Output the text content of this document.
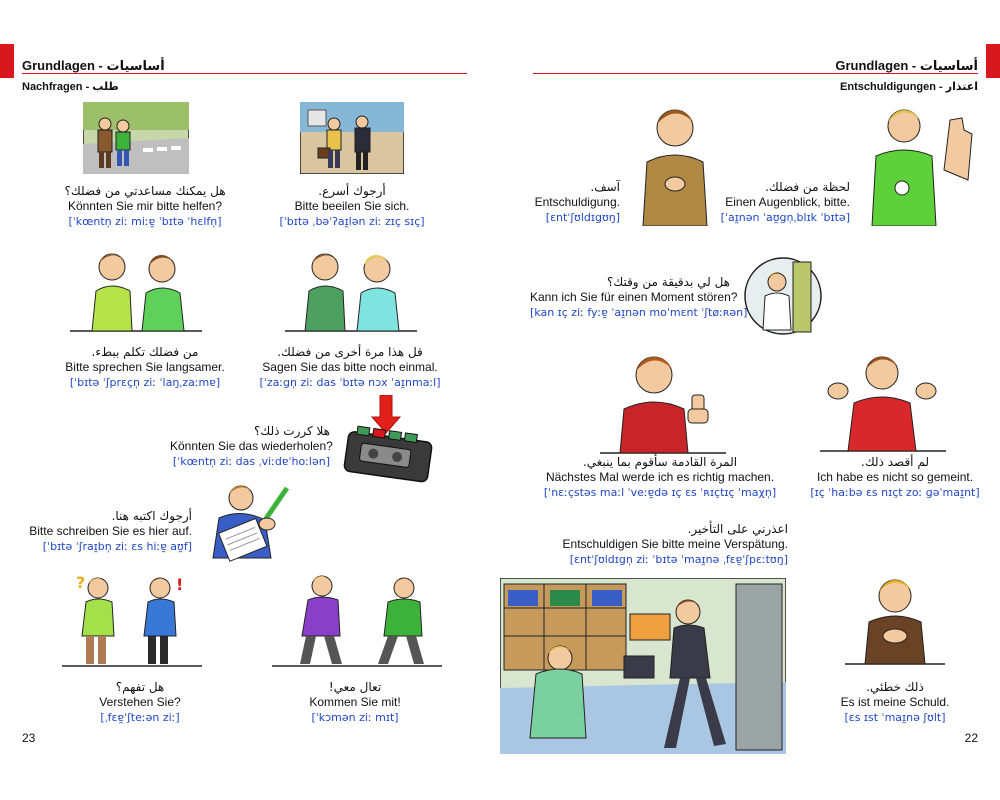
Grundlagen - أساسيات
Nachfragen - طلب
هل يمكنك مساعدتي من فضلك؟
Könnten Sie mir bitte helfen?
[ˈkœntn̩ ziː miːɐ̯ ˈbɪtə ˈhɛlfn̩]
أرجوك أسرع.
Bitte beeilen Sie sich.
[ˈbɪtə ˌbəˈʔaɪ̯lən ziː zɪç sɪç]
من فضلك تكلم ببطء.
Bitte sprechen Sie langsamer.
[ˈbɪtə ˈʃprɛçn̩ ziː ˈlaŋˌzaːmɐ]
قل هذا مرة أخرى من فضلك.
Sagen Sie das bitte noch einmal.
[ˈzaːgn̩ ziː das ˈbɪtə nɔx ˈaɪ̯nmaːl]
هلا كررت ذلك؟
Könnten Sie das wiederholen?
[ˈkœntn̩ ziː das ˌviːdɐˈhoːlən]
أرجوك اكتبه هنا.
Bitte schreiben Sie es hier auf.
[ˈbɪtə ˈʃraɪ̯bn̩ ziː ɛs hiːɐ̯ aʊ̯f]
?	!
هل تفهم؟
Verstehen Sie?
[ˌfɛɐ̯ˈʃteːən ziː]
تعال معي!
Kommen Sie mit!
[ˈkɔmən ziː mɪt]
23
Grundlagen - أساسيات
Entschuldigungen - اعتذار
آسف.
Entschuldigung.
[ɛntˈʃʊldɪgʊŋ]
لحظة من فضلك.
Einen Augenblick, bitte.
[ˈaɪ̯nən ˈaʊ̯gn̩ˌblɪk ˈbɪtə]
هل لي بدقيقة من وقتك؟
Kann ich Sie für einen Moment stören?
[kan ɪç ziː fyːɐ̯ ˈaɪ̯nən moˈmɛnt ˈʃtøːʀən]
المرة القادمة سأقوم بما ينبغي.
Nächstes Mal werde ich es richtig machen.
[ˈnɛːçstəs maːl ˈveːɐ̯də ɪç ɛs ˈʀɪçtɪç ˈmaχn̩]
لم أقصد ذلك.
Ich habe es nicht so gemeint.
[ɪç ˈhaːbə ɛs nɪçt zoː gəˈmaɪ̯nt]
اعذرني على التأخير.
Entschuldigen Sie bitte meine Verspätung.
[ɛntˈʃʊldɪgn̩ ziː ˈbɪtə ˈmaɪ̯nə ˌfɛɐ̯ˈʃpɛːtʊŋ]
ذلك خطئي.
Es ist meine Schuld.
[ɛs ɪst ˈmaɪ̯nə ʃʊlt]
22
